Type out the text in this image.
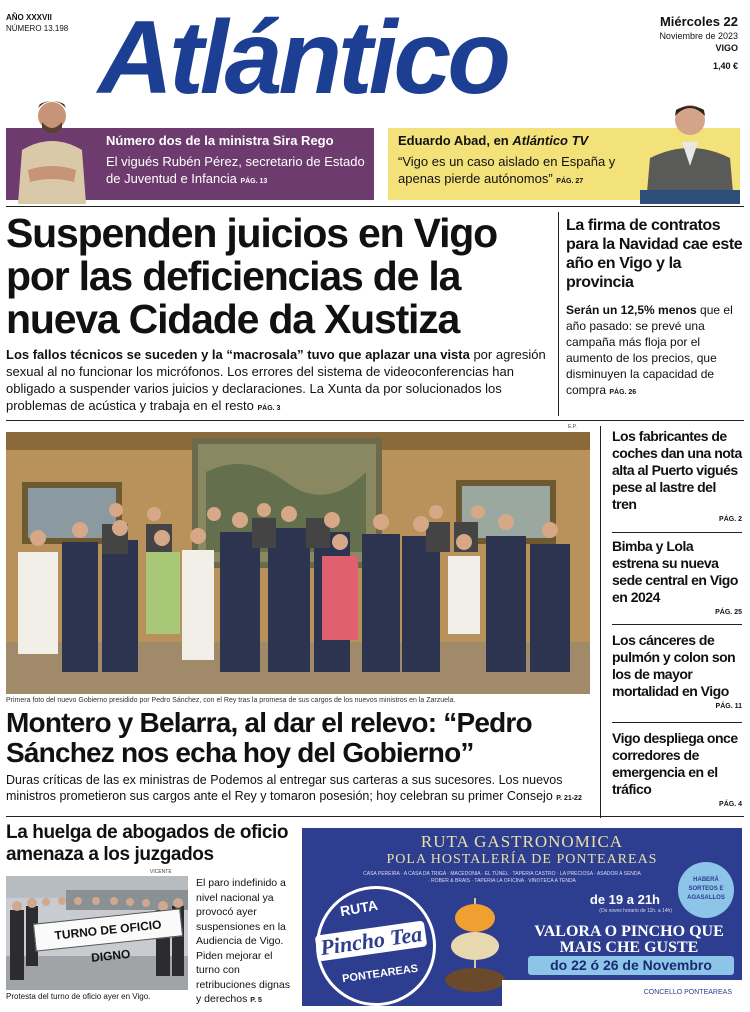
AÑO XXXVII
NÚMERO 13.198 Atlántico	Miércoles 22
Noviembre de 2023
VIGO
1,40 €
Número dos de la ministra Sira Rego
El vigués Rubén Pérez, secretario de Estado de Juventud e Infancia PÁG. 13
Eduardo Abad, en Atlántico TV
“Vigo es un caso aislado en España y apenas pierde autónomos” PÁG. 27
Suspenden juicios en Vigo por las deficiencias de la nueva Cidade da Xustiza

Los fallos técnicos se suceden y la “macrosala” tuvo que aplazar una vista por agresión sexual al no funcionar los micrófonos. Los errores del sistema de videoconferencias han obligado a suspender varios juicios y declaraciones. La Xunta da por solucionados los problemas de acústica y trabaja en el resto PÁG. 3

La firma de contratos para la Navidad cae este año en Vigo y la provincia
Serán un 12,5% menos que el año pasado: se prevé una campaña más floja por el aumento de los precios, que disminuyen la capacidad de compra PÁG. 26
E.P.
Primera foto del nuevo Gobierno presidido por Pedro Sánchez, con el Rey tras la promesa de sus cargos de los nuevos ministros en la Zarzuela.
Montero y Belarra, al dar el relevo: “Pedro Sánchez nos echa hoy del Gobierno”

Duras críticas de las ex ministras de Podemos al entregar sus carteras a sus sucesores. Los nuevos ministros prometieron sus cargos ante el Rey y tomaron posesión; hoy celebran su primer Consejo P. 21-22

Los fabricantes de coches dan una nota alta al Puerto vigués pese al lastre del tren
PÁG. 2
Bimba y Lola estrena su nueva sede central en Vigo en 2024
PÁG. 25
Los cánceres de pulmón y colon son los de mayor mortalidad en Vigo
PÁG. 11
Vigo despliega once corredores de emergencia en el tráfico
PÁG. 4
La huelga de abogados de oficio amenaza a los juzgados
VICENTE
TURNO DE OFICIO DIGNO
Protesta del turno de oficio ayer en Vigo.

El paro indefinido a nivel nacional ya provocó ayer suspensiones en la Audiencia de Vigo. Piden mejorar el turno con retribuciones dignas y derechos P. 5

RUTA GASTRONOMICA
POLA HOSTALERÍA DE PONTEAREAS
CASA PEREIRA · A CASA DA TRIGA · MACEDONIA · EL TÚNEL · TAPERIA CASTRO · LA PRECIOSA · ASADOR A SENDA · ROBER & BRAIS · TAPERIA LA OFICINA · VINOTECA A TENDA
RUTA
Pincho Tea
PONTEAREAS
HABERÁ SORTEOS E AGASALLOS
de 19 a 21h
(Os xoves horario de 11h. a 14h)
VALORA O PINCHO QUE MAIS CHE GUSTE
do 22 ó 26 de Novembro
CONCELLO PONTEAREAS
